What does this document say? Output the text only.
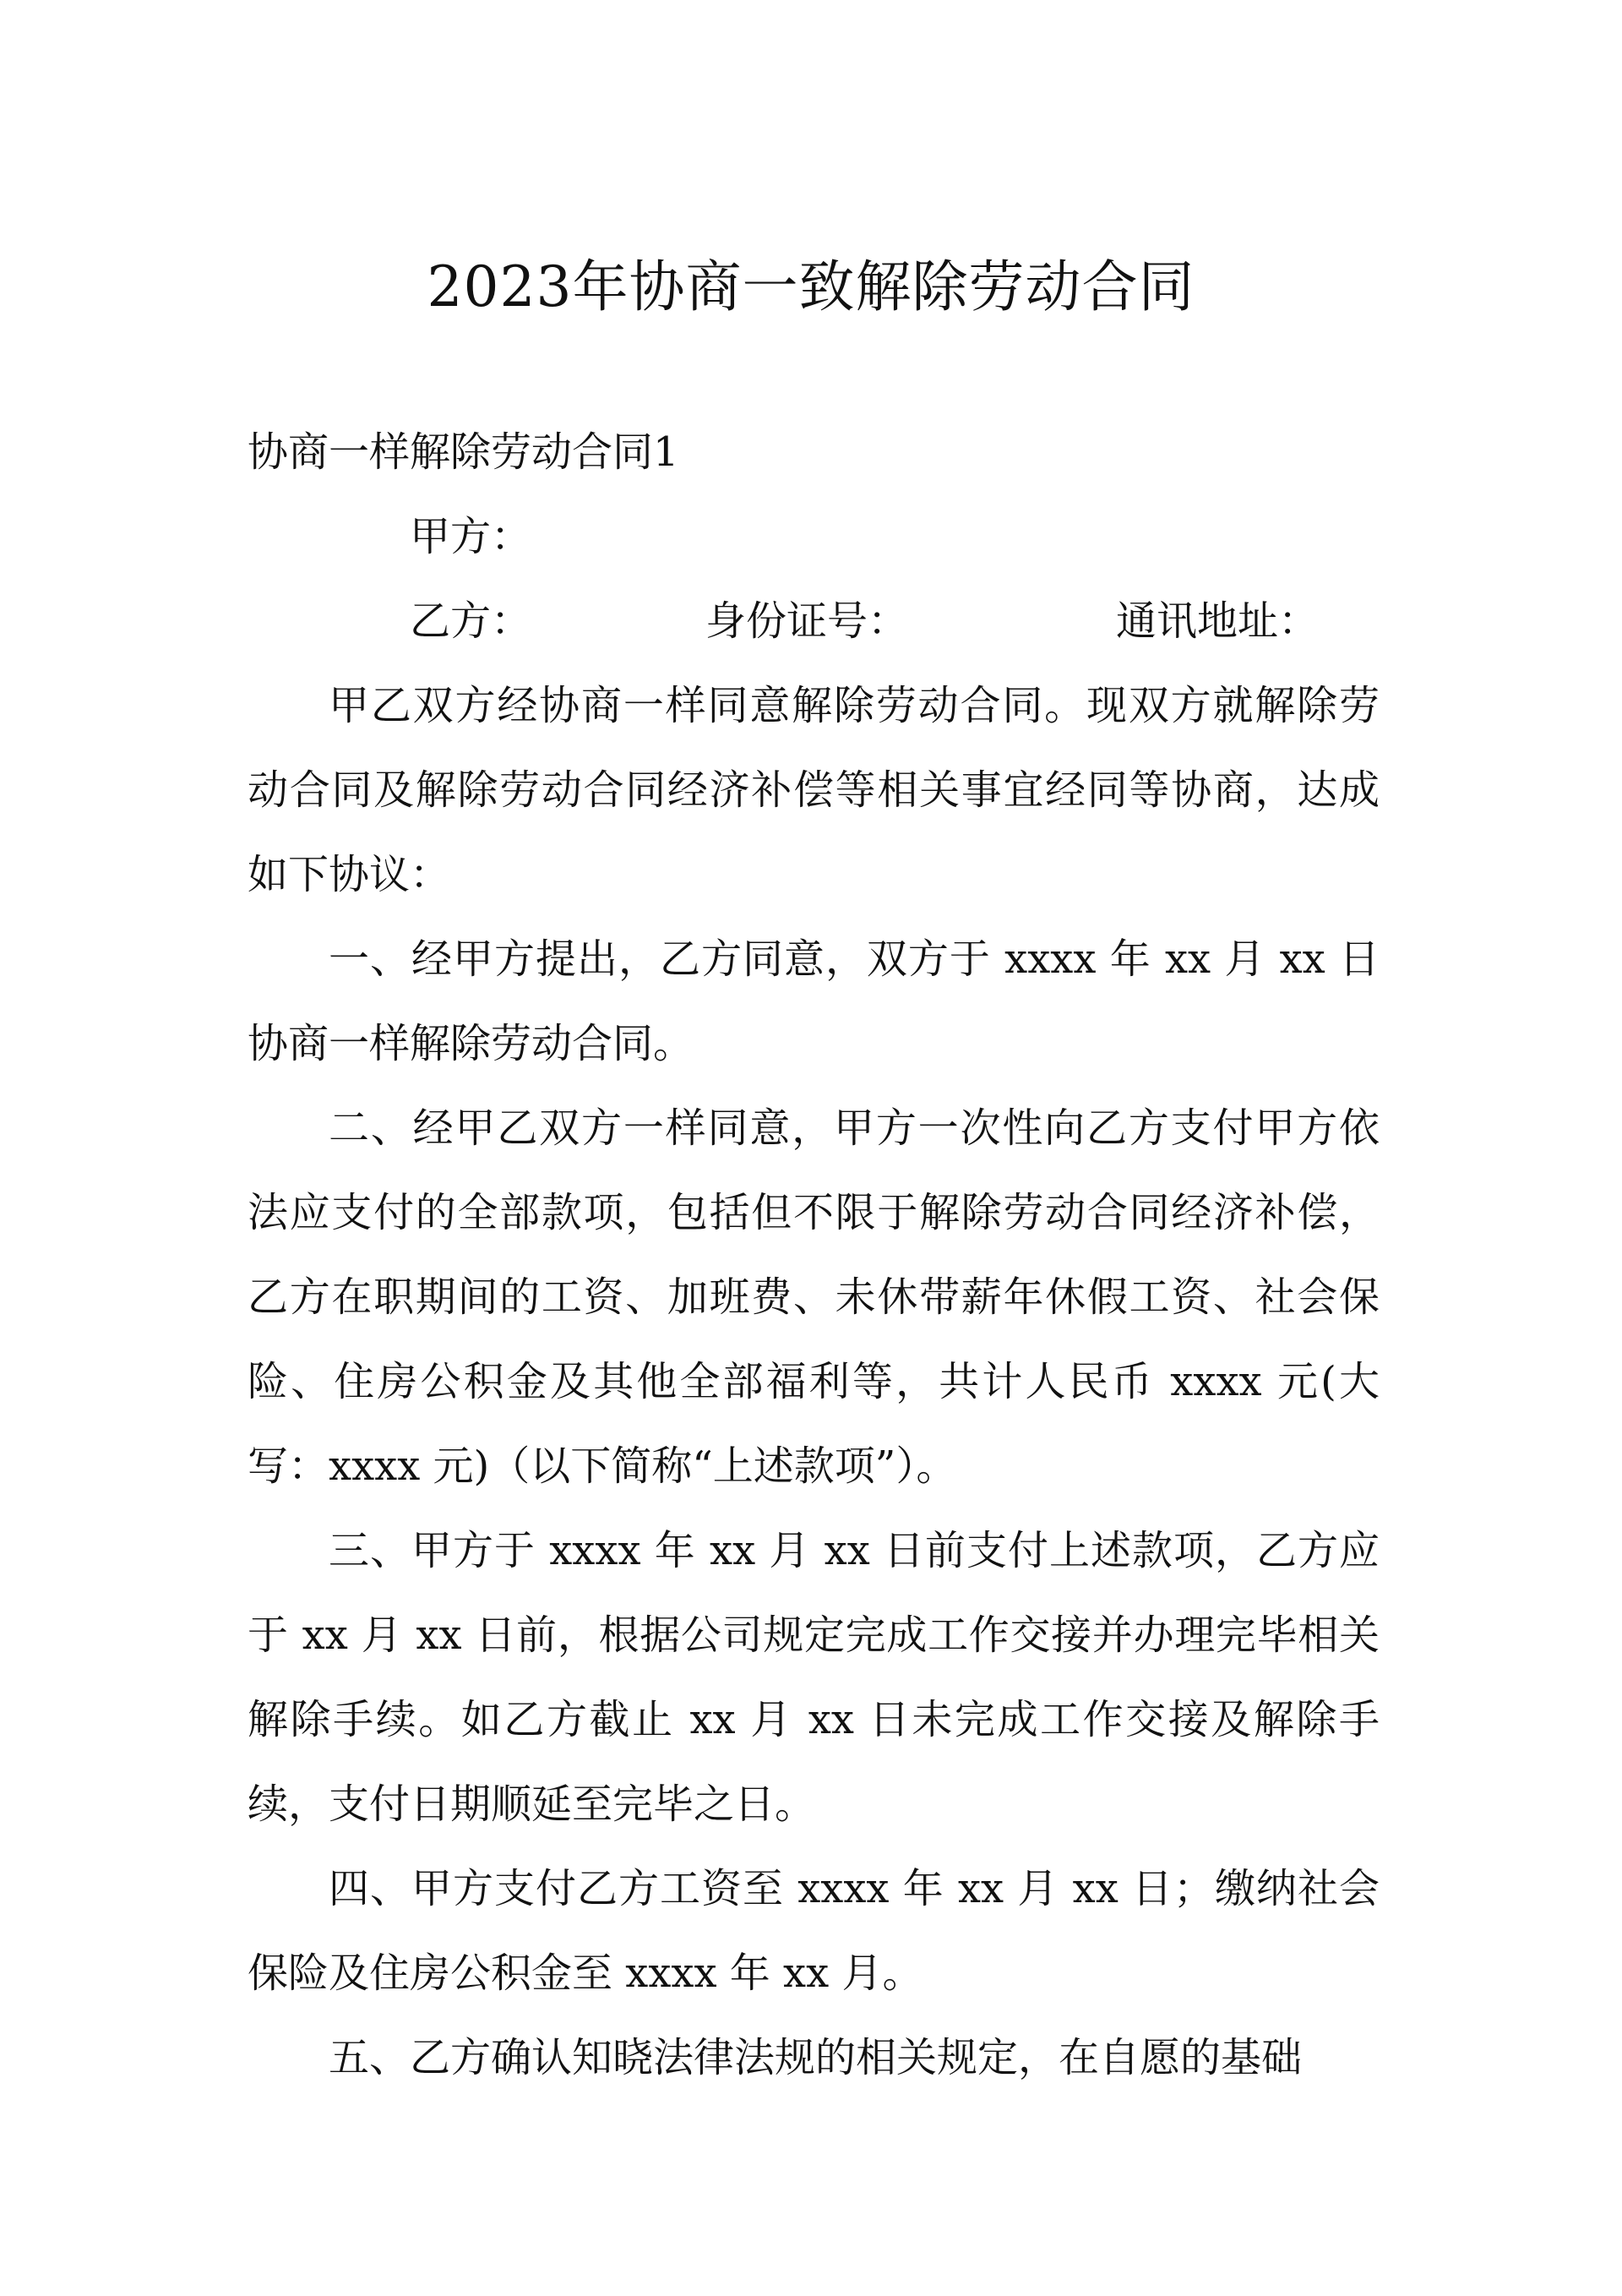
2023年协商一致解除劳动合同

协商一样解除劳动合同1

甲方：

乙方：	身份证号：	通讯地址：

甲乙双方经协商一样同意解除劳动合同。现双方就解除劳动合同及解除劳动合同经济补偿等相关事宜经同等协商，达成如下协议：

一、经甲方提出，乙方同意，双方于 xxxx 年 xx 月 xx 日协商一样解除劳动合同。

二、经甲乙双方一样同意，甲方一次性向乙方支付甲方依法应支付的全部款项，包括但不限于解除劳动合同经济补偿，乙方在职期间的工资、加班费、未休带薪年休假工资、社会保险、住房公积金及其他全部福利等，共计人民币 xxxx 元(大写：xxxx 元)（以下简称“上述款项”）。

三、甲方于 xxxx 年 xx 月 xx 日前支付上述款项，乙方应于 xx 月 xx 日前，根据公司规定完成工作交接并办理完毕相关解除手续。如乙方截止 xx 月 xx 日未完成工作交接及解除手续，支付日期顺延至完毕之日。

四、甲方支付乙方工资至 xxxx 年 xx 月 xx 日；缴纳社会保险及住房公积金至 xxxx 年 xx 月。

五、乙方确认知晓法律法规的相关规定，在自愿的基础
